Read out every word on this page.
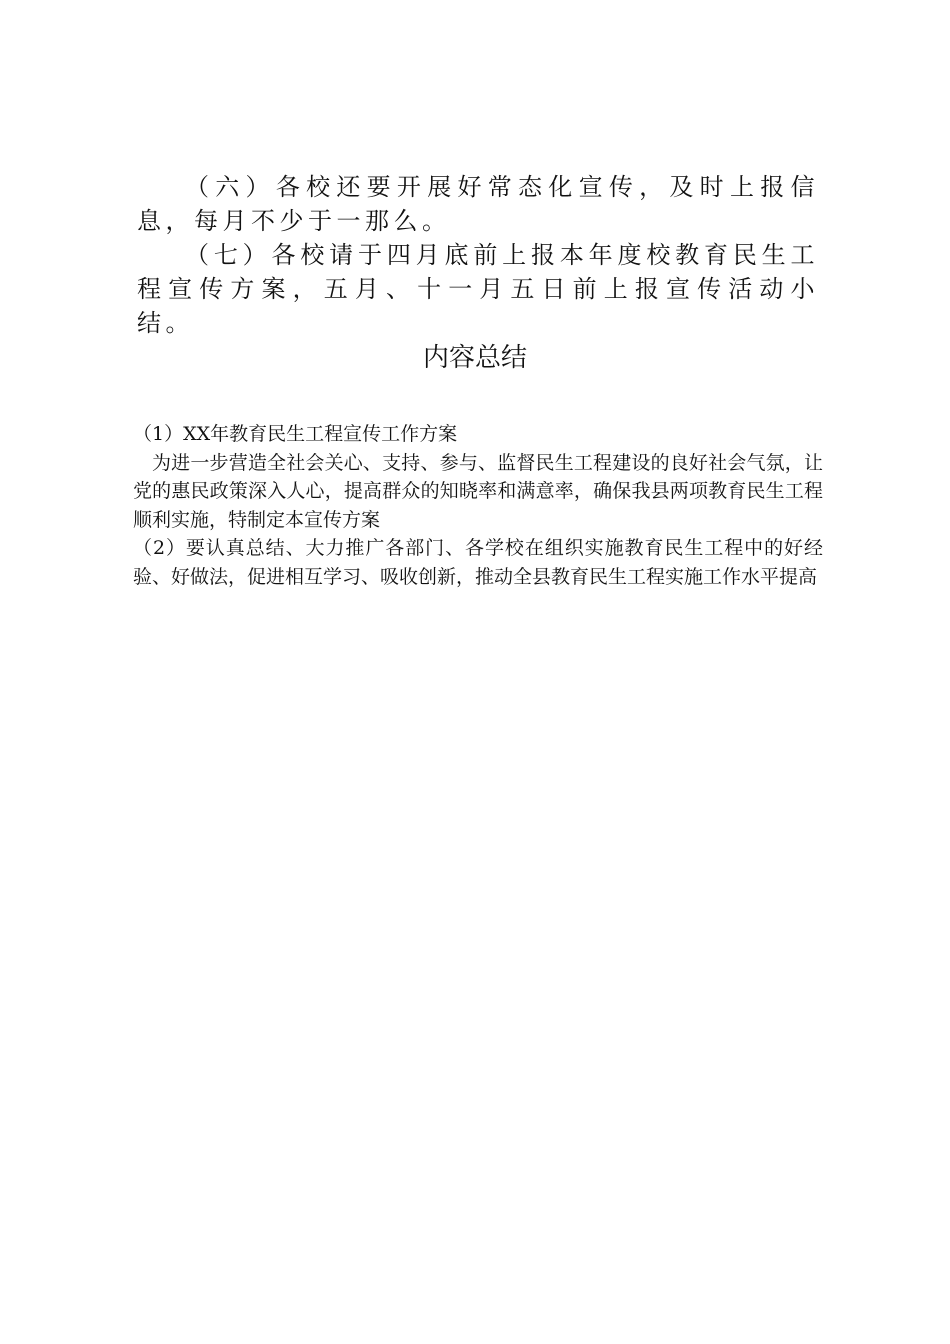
（六）各校还要开展好常态化宣传，及时上报信息，每月不少于一那么。

（七）各校请于四月底前上报本年度校教育民生工程宣传方案，五月、十一月五日前上报宣传活动小结。

内容总结

（1）XX年教育民生工程宣传工作方案

为进一步营造全社会关心、支持、参与、监督民生工程建设的良好社会气氛，让党的惠民政策深入人心，提高群众的知晓率和满意率，确保我县两项教育民生工程顺利实施，特制定本宣传方案

（2）要认真总结、大力推广各部门、各学校在组织实施教育民生工程中的好经验、好做法，促进相互学习、吸收创新，推动全县教育民生工程实施工作水平提高
